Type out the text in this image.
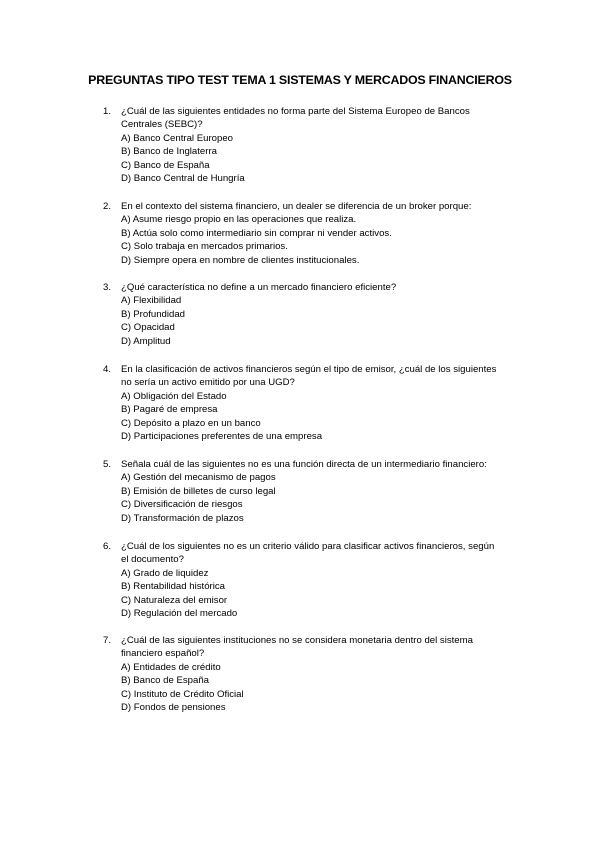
PREGUNTAS TIPO TEST TEMA 1 SISTEMAS Y MERCADOS FINANCIEROS
1. ¿Cuál de las siguientes entidades no forma parte del Sistema Europeo de Bancos
Centrales (SEBC)?
A) Banco Central Europeo
B) Banco de Inglaterra
C) Banco de España
D) Banco Central de Hungría
2. En el contexto del sistema financiero, un dealer se diferencia de un broker porque:
A) Asume riesgo propio en las operaciones que realiza.
B) Actúa solo como intermediario sin comprar ni vender activos.
C) Solo trabaja en mercados primarios.
D) Siempre opera en nombre de clientes institucionales.
3. ¿Qué característica no define a un mercado financiero eficiente?
A) Flexibilidad
B) Profundidad
C) Opacidad
D) Amplitud
4. En la clasificación de activos financieros según el tipo de emisor, ¿cuál de los siguientes
no sería un activo emitido por una UGD?
A) Obligación del Estado
B) Pagaré de empresa
C) Depósito a plazo en un banco
D) Participaciones preferentes de una empresa
5. Señala cuál de las siguientes no es una función directa de un intermediario financiero:
A) Gestión del mecanismo de pagos
B) Emisión de billetes de curso legal
C) Diversificación de riesgos
D) Transformación de plazos
6. ¿Cuál de los siguientes no es un criterio válido para clasificar activos financieros, según
el documento?
A) Grado de liquidez
B) Rentabilidad histórica
C) Naturaleza del emisor
D) Regulación del mercado
7. ¿Cuál de las siguientes instituciones no se considera monetaria dentro del sistema
financiero español?
A) Entidades de crédito
B) Banco de España
C) Instituto de Crédito Oficial
D) Fondos de pensiones
